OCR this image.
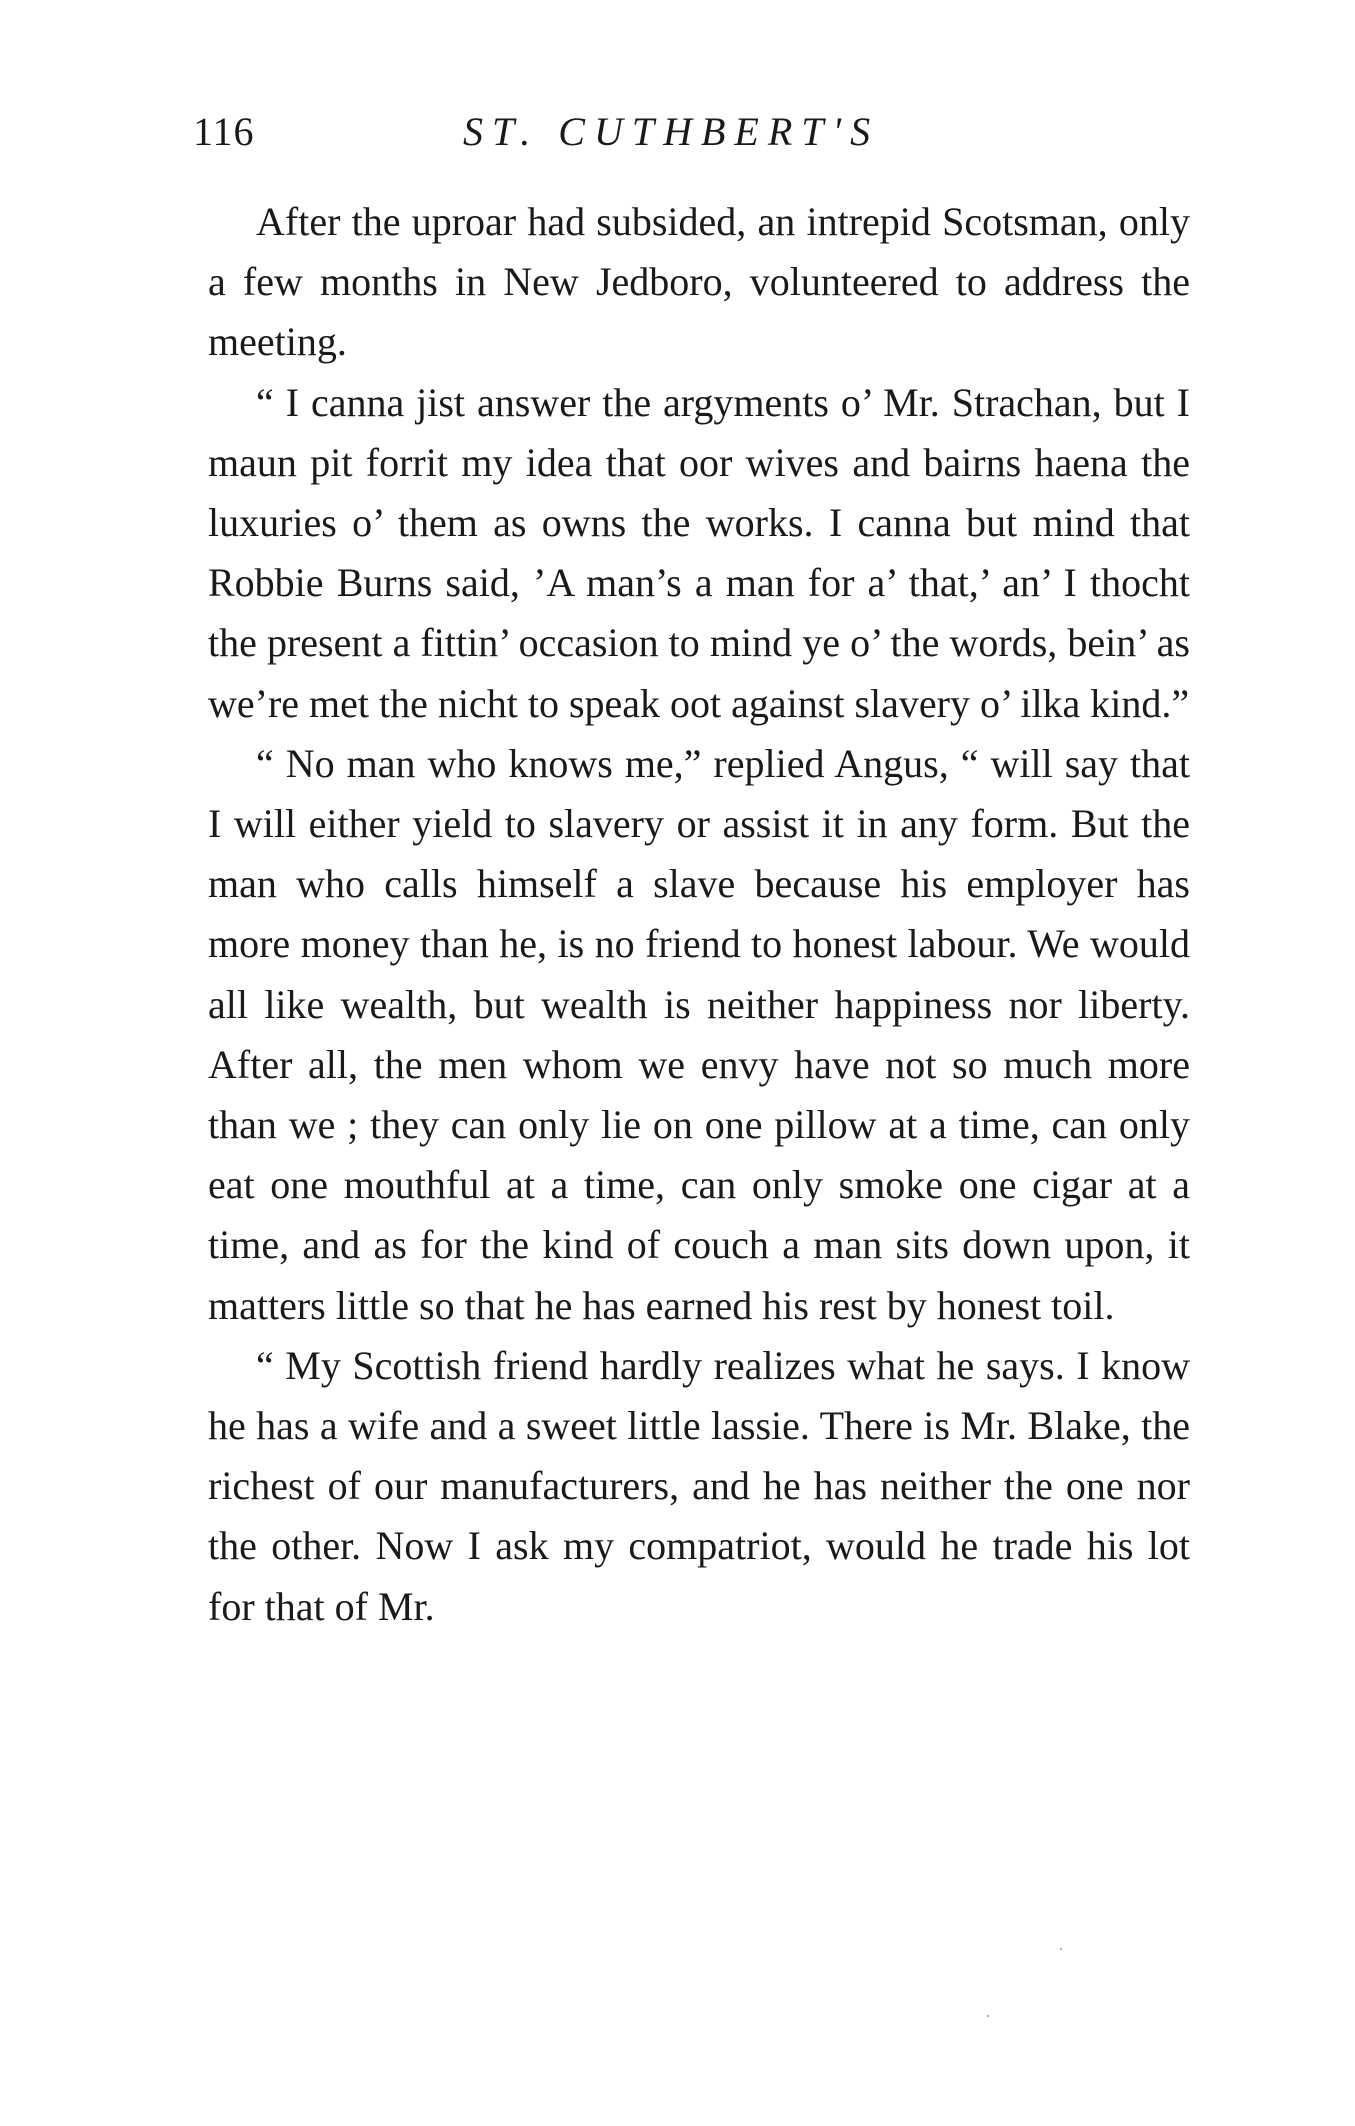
116	ST. CUTHBERT'S

After the uproar had subsided, an intrepid Scotsman, only a few months in New Jedboro, volunteered to address the meeting.

“ I canna jist answer the argyments o’ Mr. Strachan, but I maun pit forrit my idea that oor wives and bairns haena the luxuries o’ them as owns the works. I canna but mind that Robbie Burns said, ’A man’s a man for a’ that,’ an’ I thocht the present a fittin’ occasion to mind ye o’ the words, bein’ as we’re met the nicht to speak oot against slavery o’ ilka kind.”

“ No man who knows me,” replied Angus, “ will say that I will either yield to slavery or assist it in any form. But the man who calls himself a slave because his employer has more money than he, is no friend to honest labour. We would all like wealth, but wealth is neither happiness nor liberty. After all, the men whom we envy have not so much more than we ; they can only lie on one pillow at a time, can only eat one mouthful at a time, can only smoke one cigar at a time, and as for the kind of couch a man sits down upon, it matters little so that he has earned his rest by honest toil.

“ My Scottish friend hardly realizes what he says. I know he has a wife and a sweet little lassie. There is Mr. Blake, the richest of our manufacturers, and he has neither the one nor the other. Now I ask my compatriot, would he trade his lot for that of Mr.
